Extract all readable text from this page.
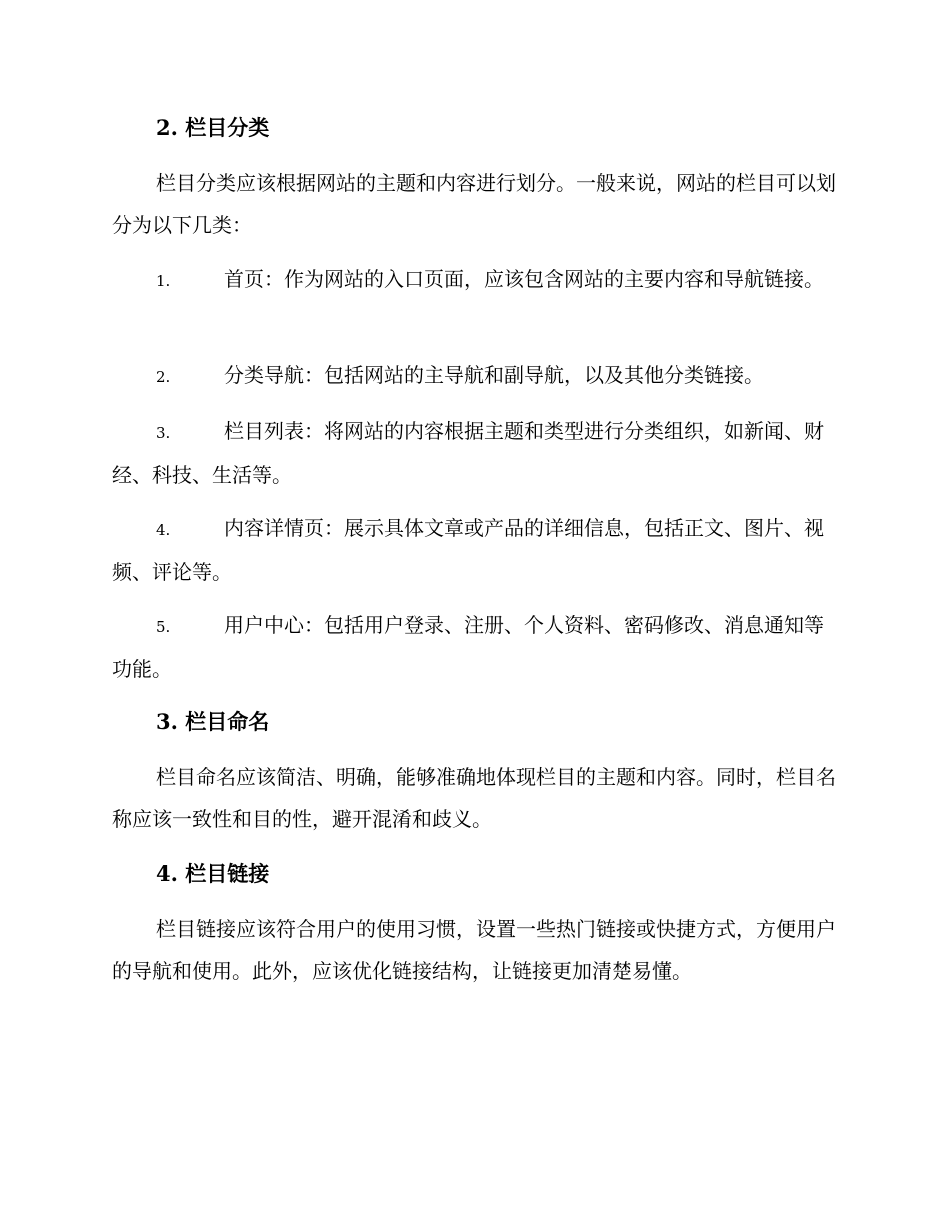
2. 栏目分类
栏目分类应该根据网站的主题和内容进行划分。一般来说，网站的栏目可以划分为以下几类：
1.	首页：作为网站的入口页面，应该包含网站的主要内容和导航链接。
2.	分类导航：包括网站的主导航和副导航，以及其他分类链接。
3.	栏目列表：将网站的内容根据主题和类型进行分类组织，如新闻、财经、科技、生活等。
4.	内容详情页：展示具体文章或产品的详细信息，包括正文、图片、视频、评论等。
5.	用户中心：包括用户登录、注册、个人资料、密码修改、消息通知等功能。
3. 栏目命名
栏目命名应该简洁、明确，能够准确地体现栏目的主题和内容。同时，栏目名称应该一致性和目的性，避开混淆和歧义。
4. 栏目链接
栏目链接应该符合用户的使用习惯，设置一些热门链接或快捷方式，方便用户的导航和使用。此外，应该优化链接结构，让链接更加清楚易懂。
